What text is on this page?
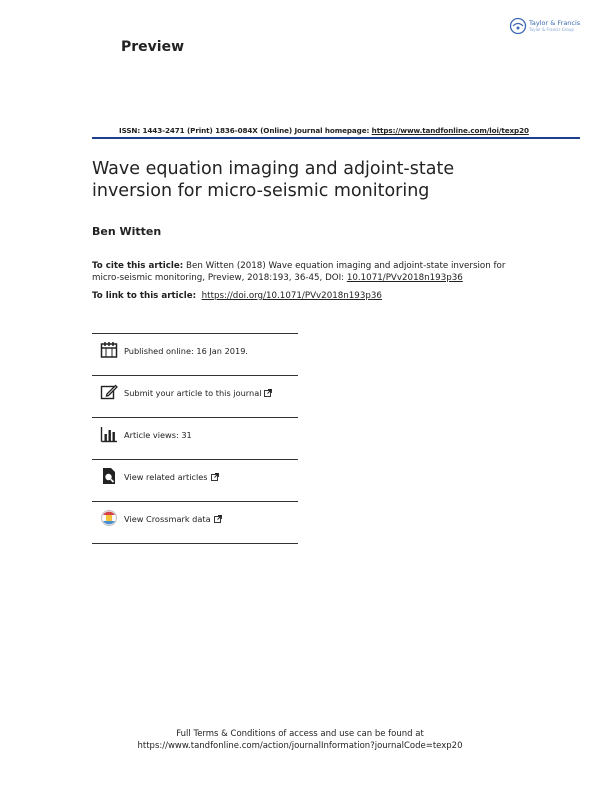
Preview
Taylor & Francis
Taylor & Francis Group
ISSN: 1443-2471 (Print) 1836-084X (Online) Journal homepage: https://www.tandfonline.com/loi/texp20
Wave equation imaging and adjoint-state inversion for micro-seismic monitoring
Ben Witten
To cite this article: Ben Witten (2018) Wave equation imaging and adjoint-state inversion for micro-seismic monitoring, Preview, 2018:193, 36-45, DOI: 10.1071/PVv2018n193p36
To link to this article: https://doi.org/10.1071/PVv2018n193p36
Published online: 16 Jan 2019.
Submit your article to this journal
Article views: 31
View related articles
View Crossmark data
Full Terms & Conditions of access and use can be found at
https://www.tandfonline.com/action/journalInformation?journalCode=texp20
